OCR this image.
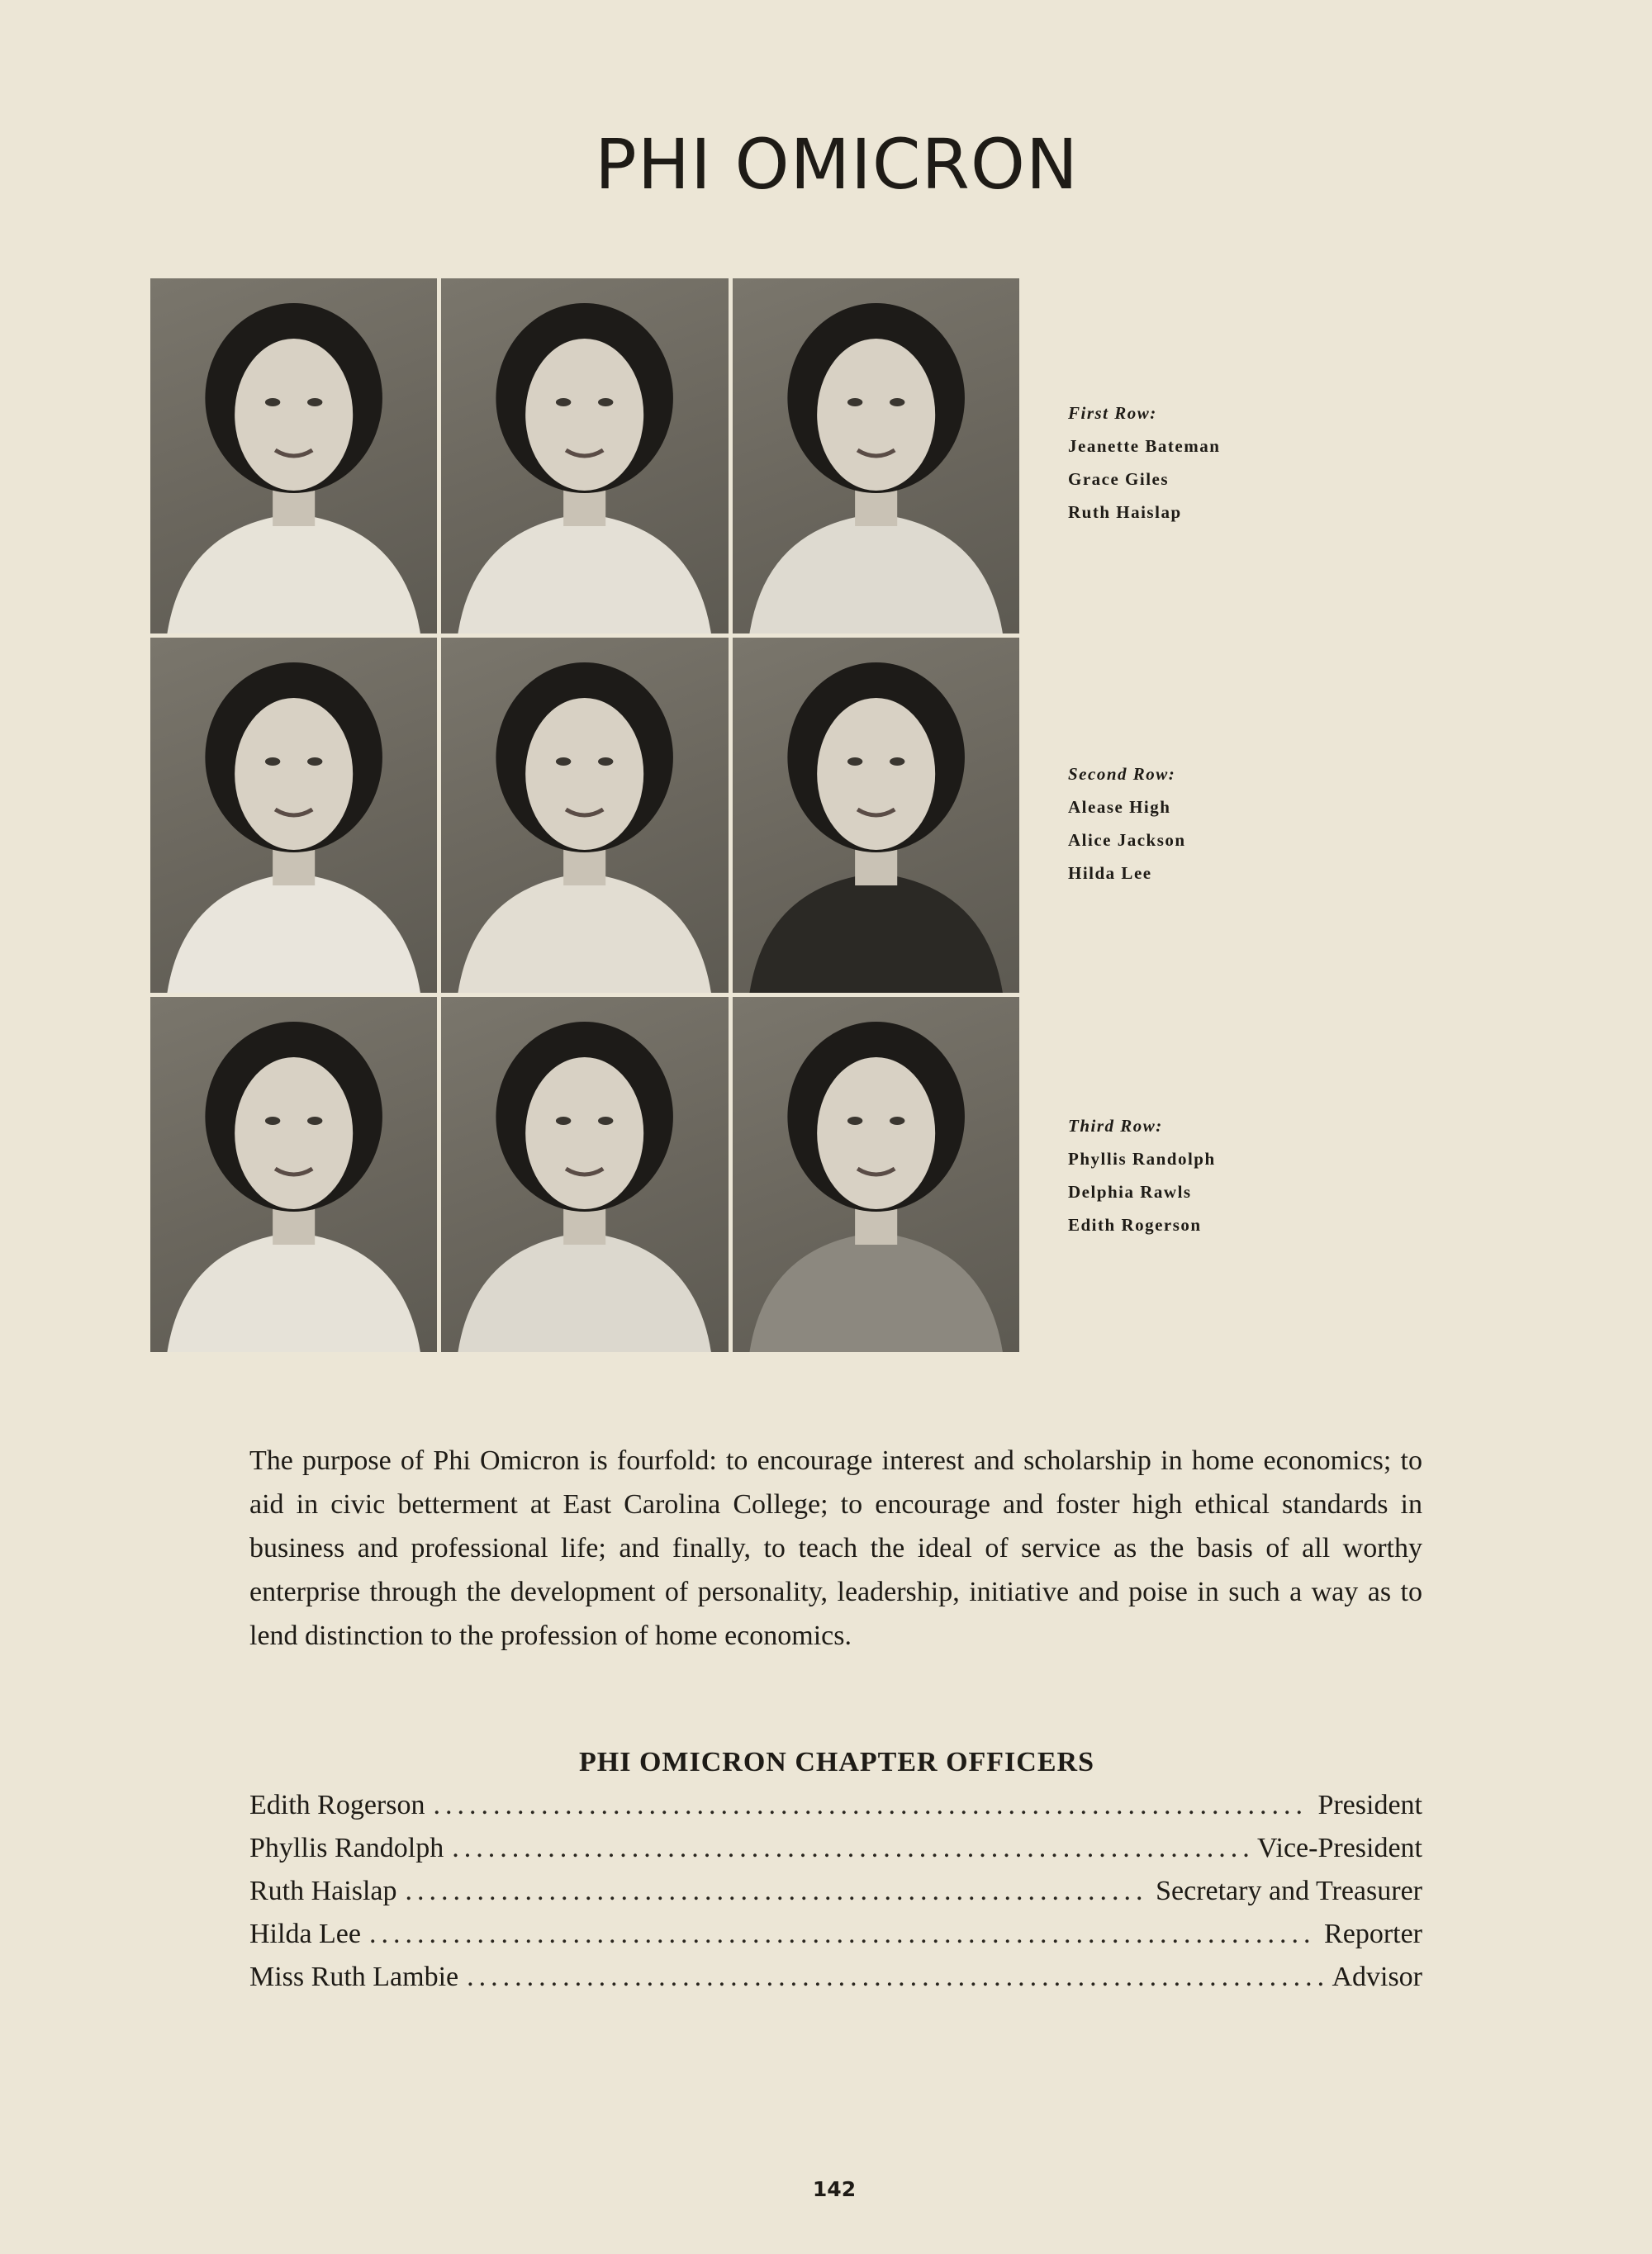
PHI OMICRON
First Row:
Jeanette Bateman
Grace Giles
Ruth Haislap
Second Row:
Alease High
Alice Jackson
Hilda Lee
Third Row:
Phyllis Randolph
Delphia Rawls
Edith Rogerson

The purpose of Phi Omicron is fourfold: to encourage interest and scholarship in home economics; to aid in civic betterment at East Carolina College; to encourage and foster high ethical standards in business and professional life; and finally, to teach the ideal of service as the basis of all worthy enterprise through the development of personality, leadership, initiative and poise in such a way as to lend distinction to the profession of home economics.

PHI OMICRON CHAPTER OFFICERS
Edith Rogerson .....	President
Phyllis Randolph .....	Vice-President
Ruth Haislap .....	Secretary and Treasurer
Hilda Lee .....	Reporter
Miss Ruth Lambie .....	Advisor
142
